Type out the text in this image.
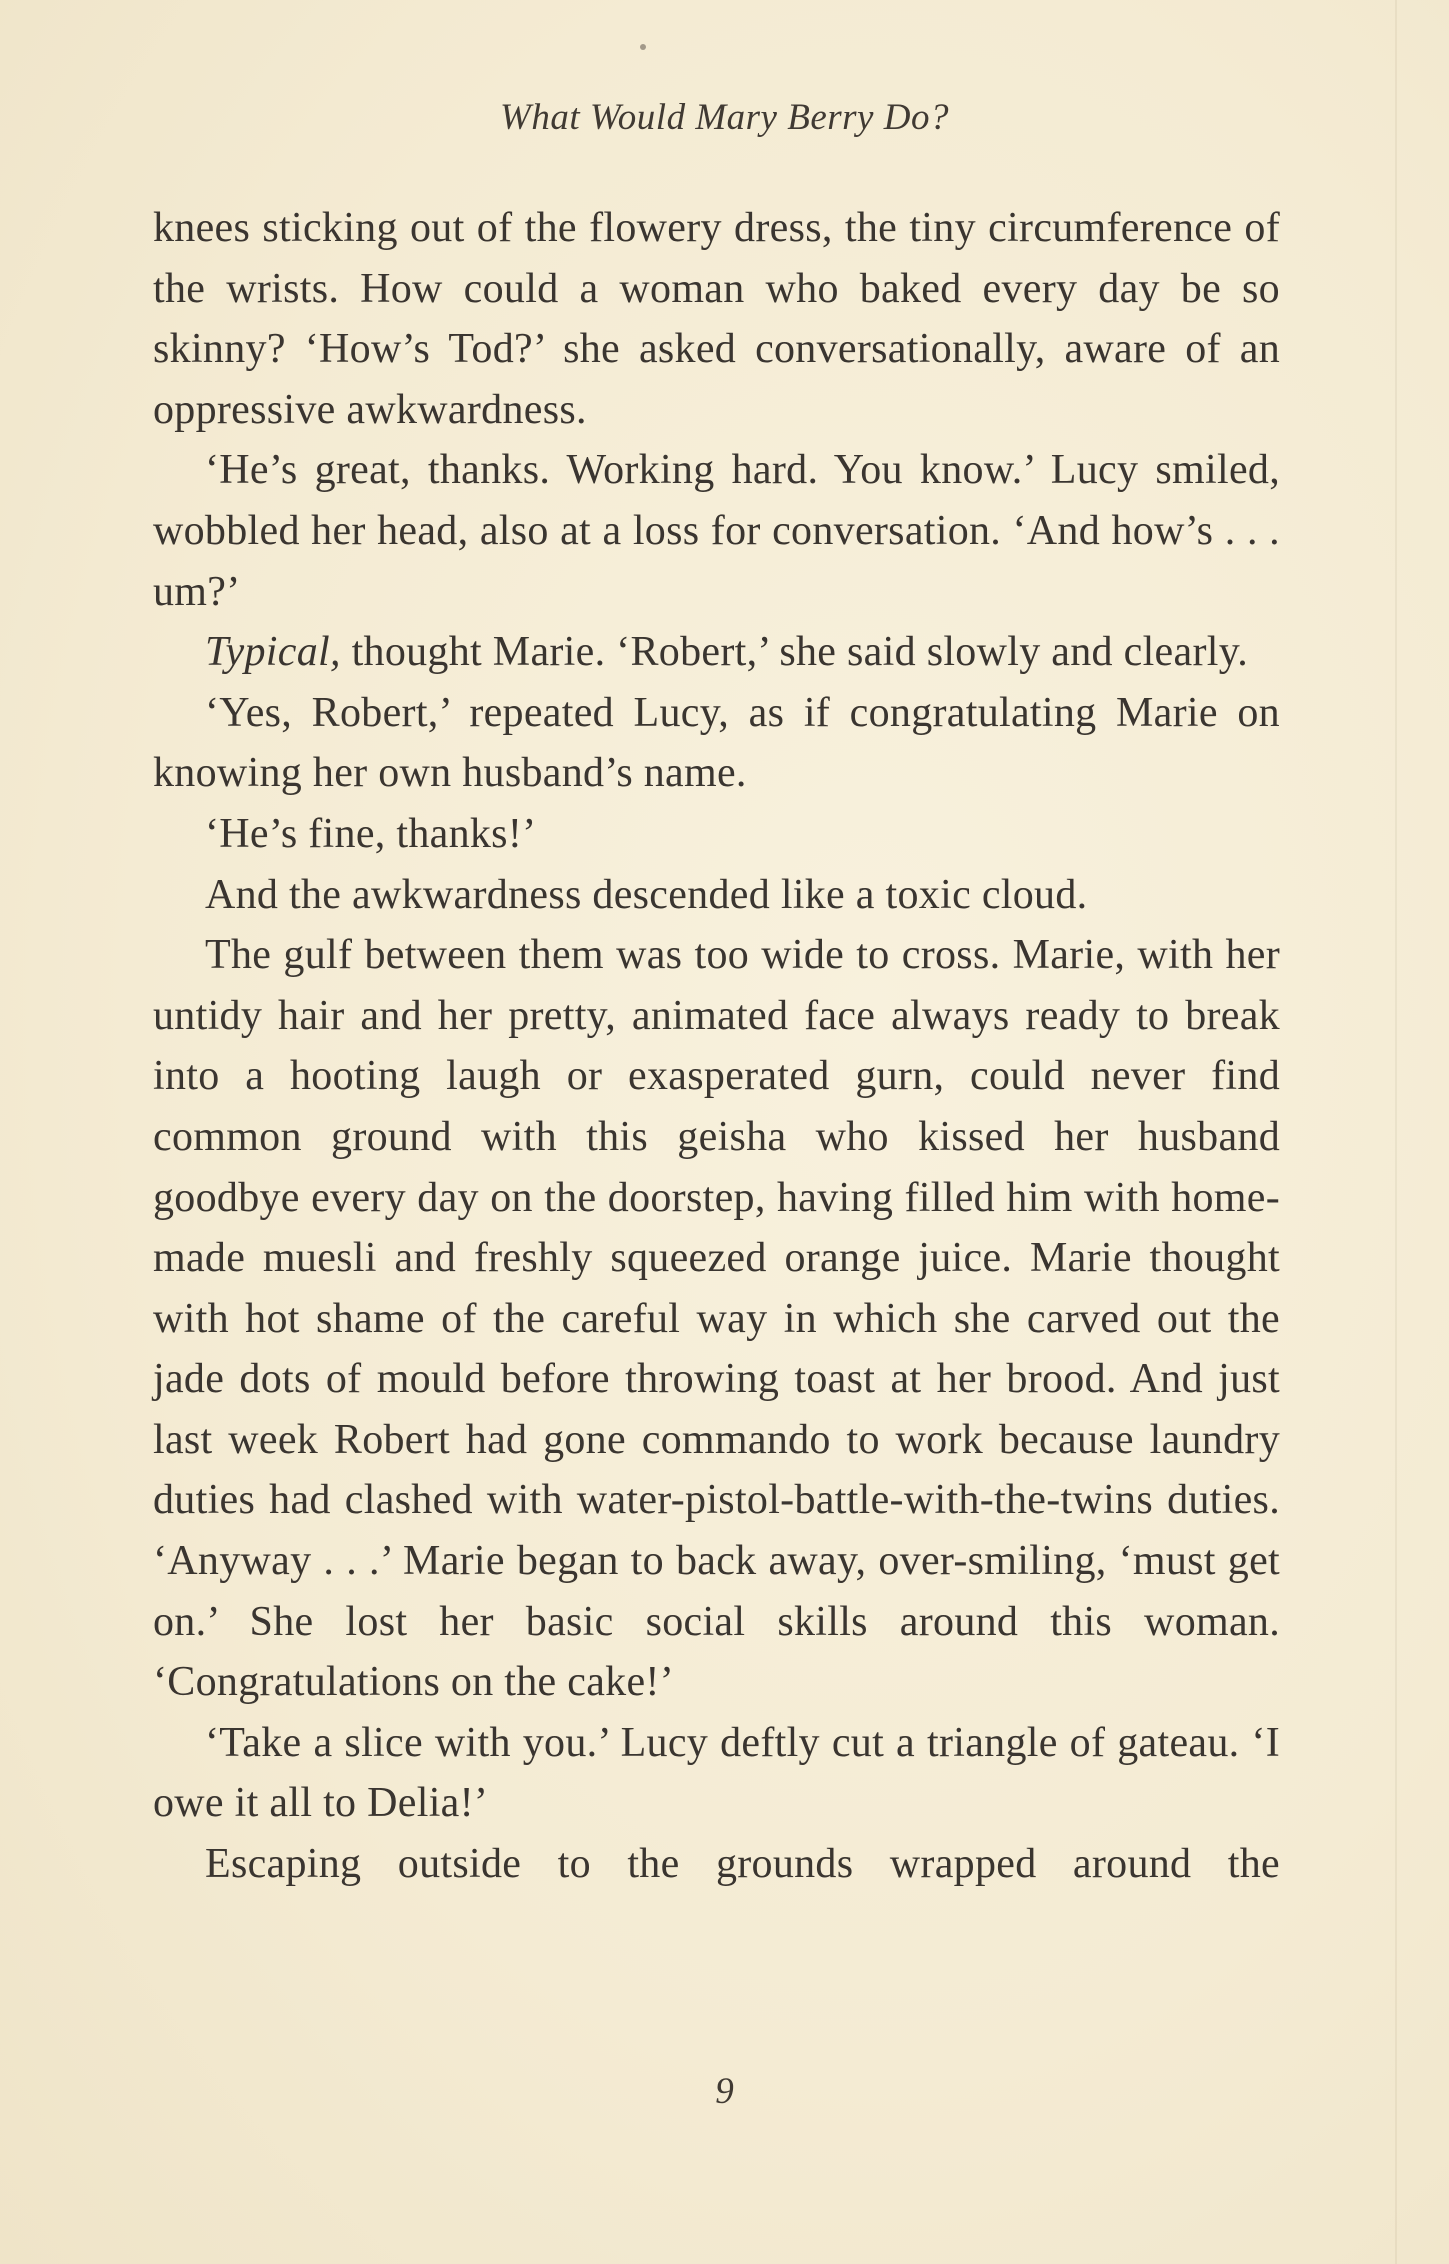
What Would Mary Berry Do?

knees sticking out of the flowery dress, the tiny circumference of the wrists. How could a woman who baked every day be so skinny? ‘How’s Tod?’ she asked conversationally, aware of an oppressive awkwardness.

‘He’s great, thanks. Working hard. You know.’ Lucy smiled, wobbled her head, also at a loss for conversation. ‘And how’s . . . um?’

Typical, thought Marie. ‘Robert,’ she said slowly and clearly.

‘Yes, Robert,’ repeated Lucy, as if congratulating Marie on knowing her own husband’s name.

‘He’s fine, thanks!’

And the awkwardness descended like a toxic cloud.

The gulf between them was too wide to cross. Marie, with her untidy hair and her pretty, animated face always ready to break into a hooting laugh or exasperated gurn, could never find common ground with this geisha who kissed her husband goodbye every day on the doorstep, having filled him with home-made muesli and freshly squeezed orange juice. Marie thought with hot shame of the careful way in which she carved out the jade dots of mould before throwing toast at her brood. And just last week Robert had gone commando to work because laundry duties had clashed with water-pistol-battle-with-the-twins duties. ‘Anyway . . .’ Marie began to back away, over-smiling, ‘must get on.’ She lost her basic social skills around this woman. ‘Congratulations on the cake!’

‘Take a slice with you.’ Lucy deftly cut a triangle of gateau. ‘I owe it all to Delia!’

Escaping outside to the grounds wrapped around the

9
